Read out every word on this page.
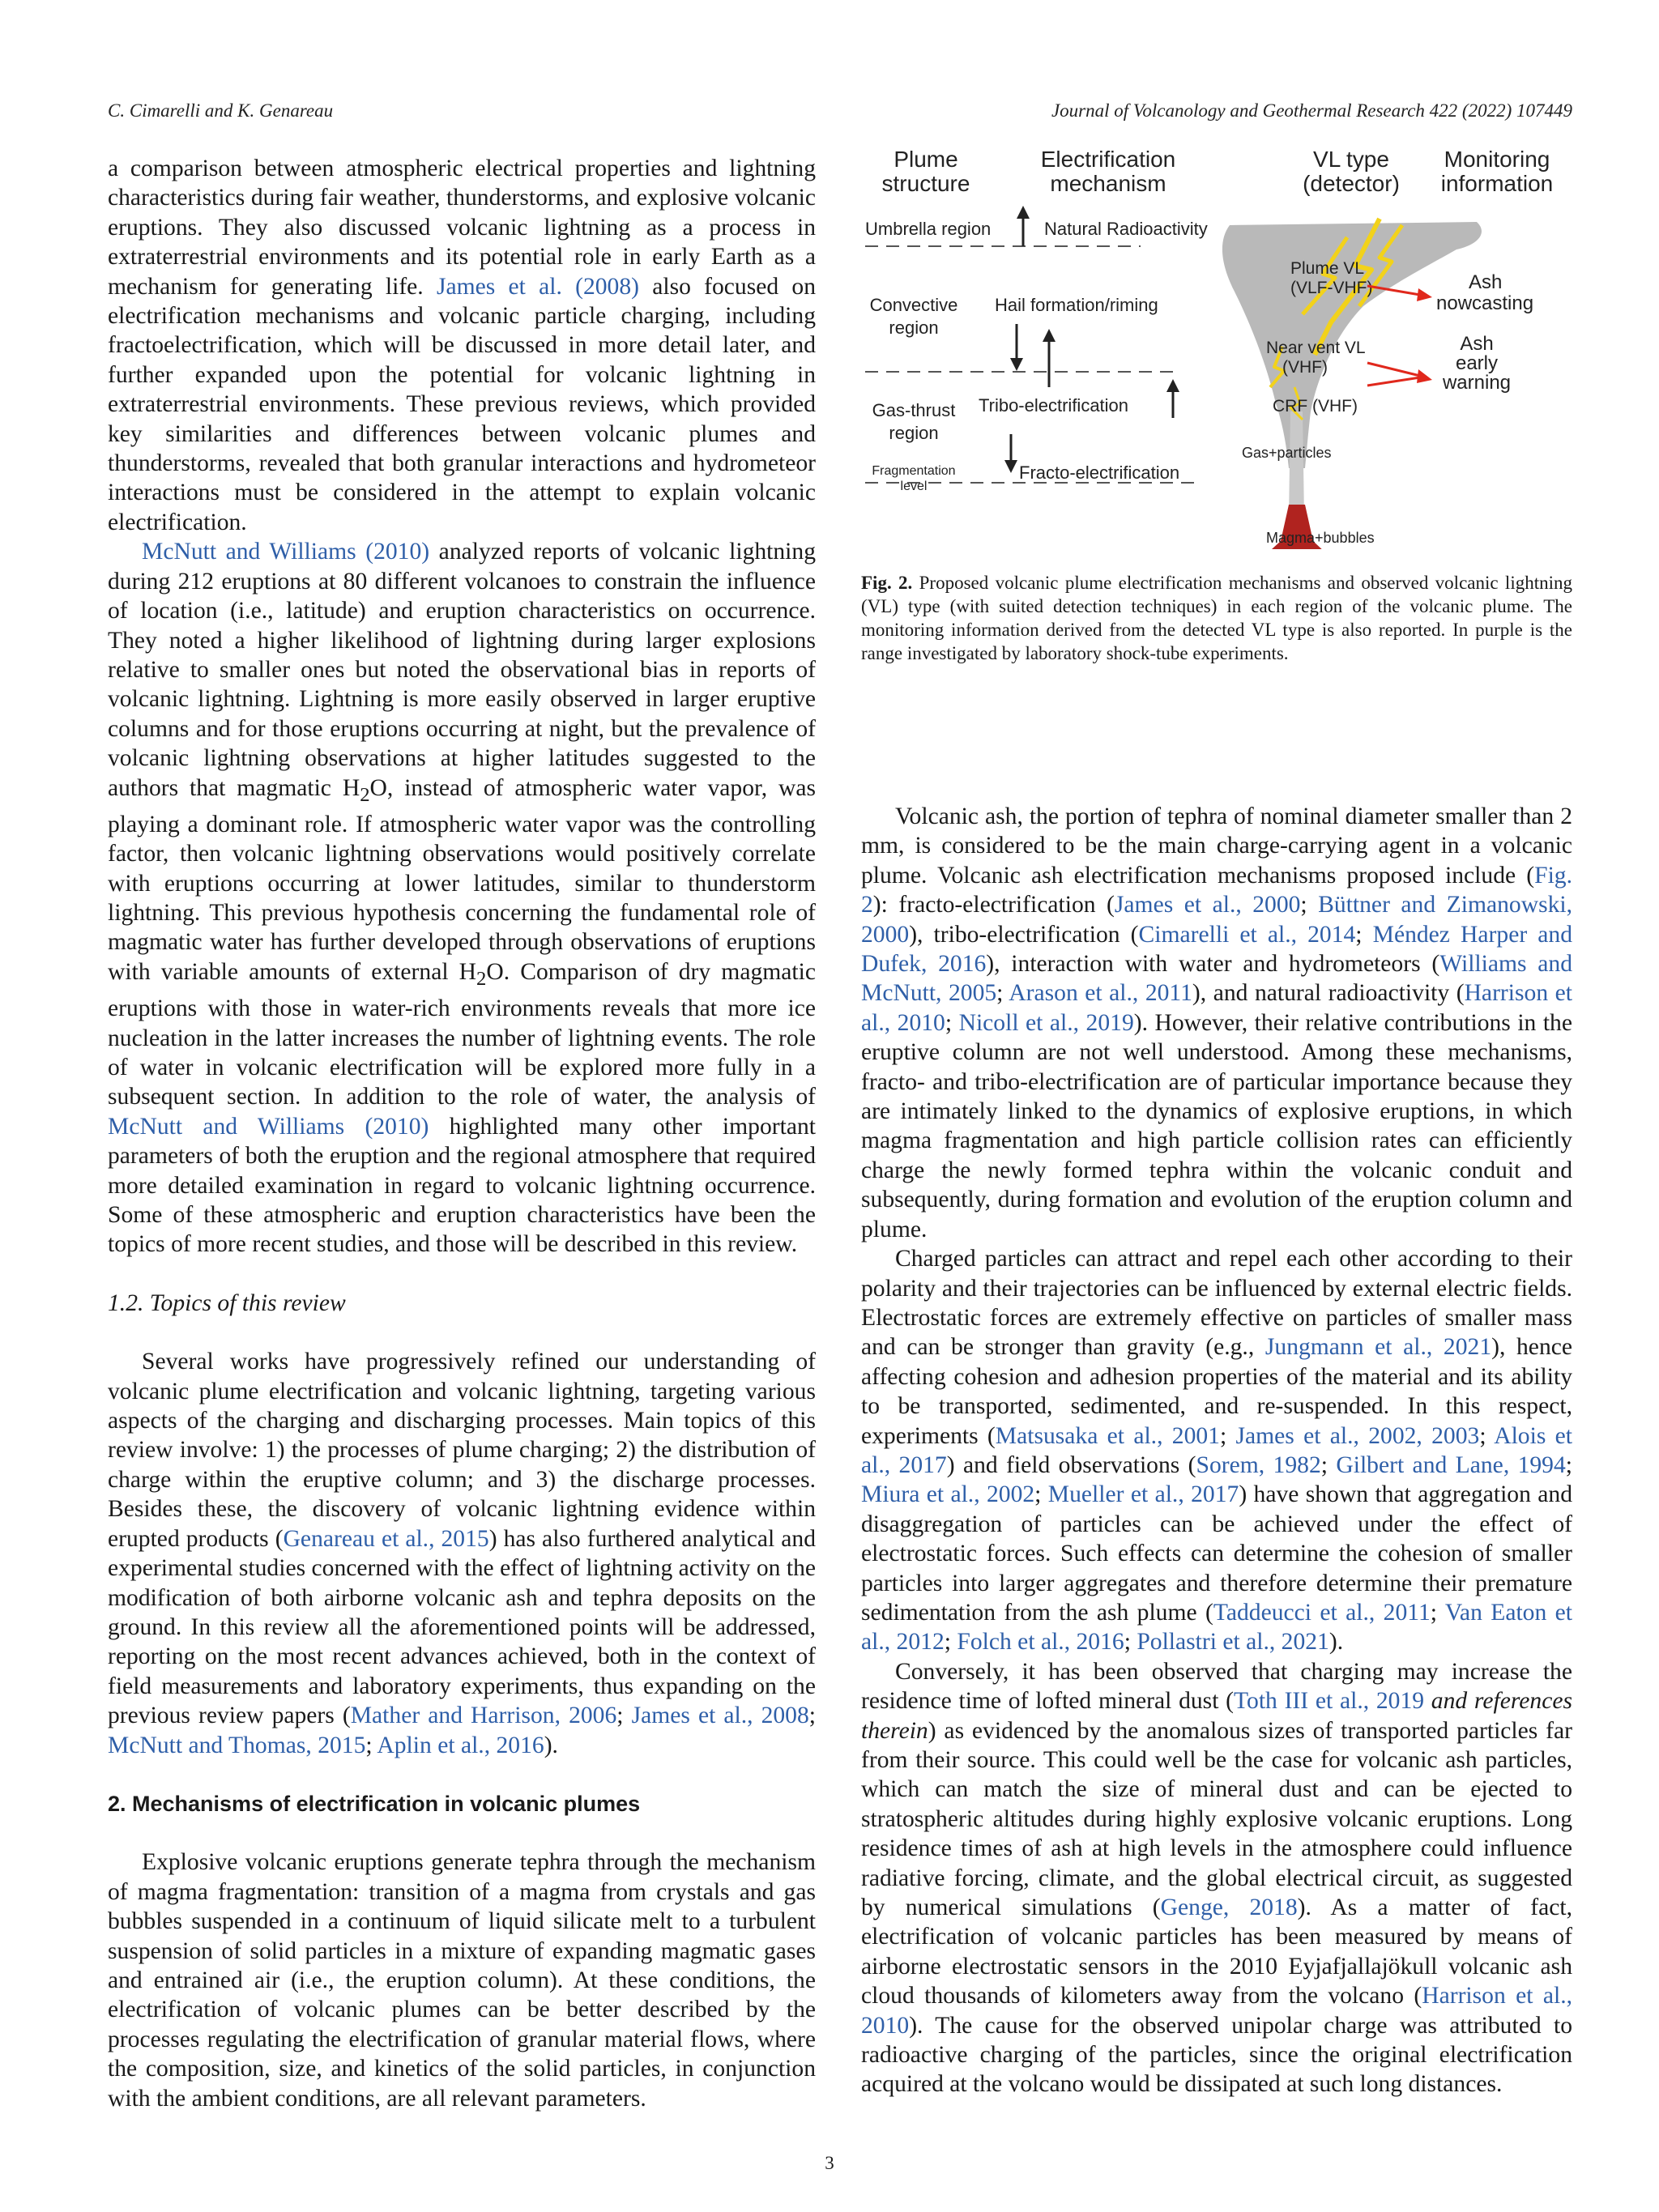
C. Cimarelli and K. Genareau	Journal of Volcanology and Geothermal Research 422 (2022) 107449

a comparison between atmospheric electrical properties and lightning characteristics during fair weather, thunderstorms, and explosive volcanic eruptions. They also discussed volcanic lightning as a process in extraterrestrial environments and its potential role in early Earth as a mechanism for generating life. James et al. (2008) also focused on electrification mechanisms and volcanic particle charging, including fractoelectrification, which will be discussed in more detail later, and further expanded upon the potential for volcanic lightning in extraterrestrial environments. These previous reviews, which provided key similarities and differences between volcanic plumes and thunderstorms, revealed that both granular interactions and hydrometeor interactions must be considered in the attempt to explain volcanic electrification.

McNutt and Williams (2010) analyzed reports of volcanic lightning during 212 eruptions at 80 different volcanoes to constrain the influence of location (i.e., latitude) and eruption characteristics on occurrence. They noted a higher likelihood of lightning during larger explosions relative to smaller ones but noted the observational bias in reports of volcanic lightning. Lightning is more easily observed in larger eruptive columns and for those eruptions occurring at night, but the prevalence of volcanic lightning observations at higher latitudes suggested to the authors that magmatic $H_2O$, instead of atmospheric water vapor, was playing a dominant role. If atmospheric water vapor was the controlling factor, then volcanic lightning observations would positively correlate with eruptions occurring at lower latitudes, similar to thunderstorm lightning. This previous hypothesis concerning the fundamental role of magmatic water has further developed through observations of eruptions with variable amounts of external $H_2O$. Comparison of dry magmatic eruptions with those in water-rich environments reveals that more ice nucleation in the latter increases the number of lightning events. The role of water in volcanic electrification will be explored more fully in a subsequent section. In addition to the role of water, the analysis of McNutt and Williams (2010) highlighted many other important parameters of both the eruption and the regional atmosphere that required more detailed examination in regard to volcanic lightning occurrence. Some of these atmospheric and eruption characteristics have been the topics of more recent studies, and those will be described in this review.

1.2. Topics of this review

Several works have progressively refined our understanding of volcanic plume electrification and volcanic lightning, targeting various aspects of the charging and discharging processes. Main topics of this review involve: 1) the processes of plume charging; 2) the distribution of charge within the eruptive column; and 3) the discharge processes. Besides these, the discovery of volcanic lightning evidence within erupted products (Genareau et al., 2015) has also furthered analytical and experimental studies concerned with the effect of lightning activity on the modification of both airborne volcanic ash and tephra deposits on the ground. In this review all the aforementioned points will be addressed, reporting on the most recent advances achieved, both in the context of field measurements and laboratory experiments, thus expanding on the previous review papers (Mather and Harrison, 2006; James et al., 2008; McNutt and Thomas, 2015; Aplin et al., 2016).

2. Mechanisms of electrification in volcanic plumes

Explosive volcanic eruptions generate tephra through the mechanism of magma fragmentation: transition of a magma from crystals and gas bubbles suspended in a continuum of liquid silicate melt to a turbulent suspension of solid particles in a mixture of expanding magmatic gases and entrained air (i.e., the eruption column). At these conditions, the electrification of volcanic plumes can be better described by the processes regulating the electrification of granular material flows, where the composition, size, and kinetics of the solid particles, in conjunction with the ambient conditions, are all relevant parameters.

Plume
structure
Electrification
mechanism
VL type
(detector)
Monitoring
information
Umbrella region
Convective
region
Gas-thrust
region
Fragmentation
level
Natural Radioactivity
Hail formation/riming
Tribo-electrification
Fracto-electrification
Plume VL
(VLF-VHF)
Near vent VL
(VHF)
CRF (VHF)
Gas+particles
Magma+bubbles
Ash
nowcasting
Ash
early
warning
Fig. 2. Proposed volcanic plume electrification mechanisms and observed volcanic lightning (VL) type (with suited detection techniques) in each region of the volcanic plume. The monitoring information derived from the detected VL type is also reported. In purple is the range investigated by laboratory shock-tube experiments.

Volcanic ash, the portion of tephra of nominal diameter smaller than 2 mm, is considered to be the main charge-carrying agent in a volcanic plume. Volcanic ash electrification mechanisms proposed include (Fig. 2): fracto-electrification (James et al., 2000; Büttner and Zimanowski, 2000), tribo-electrification (Cimarelli et al., 2014; Méndez Harper and Dufek, 2016), interaction with water and hydrometeors (Williams and McNutt, 2005; Arason et al., 2011), and natural radioactivity (Harrison et al., 2010; Nicoll et al., 2019). However, their relative contributions in the eruptive column are not well understood. Among these mechanisms, fracto- and tribo-electrification are of particular importance because they are intimately linked to the dynamics of explosive eruptions, in which magma fragmentation and high particle collision rates can efficiently charge the newly formed tephra within the volcanic conduit and subsequently, during formation and evolution of the eruption column and plume.

Charged particles can attract and repel each other according to their polarity and their trajectories can be influenced by external electric fields. Electrostatic forces are extremely effective on particles of smaller mass and can be stronger than gravity (e.g., Jungmann et al., 2021), hence affecting cohesion and adhesion properties of the material and its ability to be transported, sedimented, and re-suspended. In this respect, experiments (Matsusaka et al., 2001; James et al., 2002, 2003; Alois et al., 2017) and field observations (Sorem, 1982; Gilbert and Lane, 1994; Miura et al., 2002; Mueller et al., 2017) have shown that aggregation and disaggregation of particles can be achieved under the effect of electrostatic forces. Such effects can determine the cohesion of smaller particles into larger aggregates and therefore determine their premature sedimentation from the ash plume (Taddeucci et al., 2011; Van Eaton et al., 2012; Folch et al., 2016; Pollastri et al., 2021).

Conversely, it has been observed that charging may increase the residence time of lofted mineral dust (Toth III et al., 2019 and references therein) as evidenced by the anomalous sizes of transported particles far from their source. This could well be the case for volcanic ash particles, which can match the size of mineral dust and can be ejected to stratospheric altitudes during highly explosive volcanic eruptions. Long residence times of ash at high levels in the atmosphere could influence radiative forcing, climate, and the global electrical circuit, as suggested by numerical simulations (Genge, 2018). As a matter of fact, electrification of volcanic particles has been measured by means of airborne electrostatic sensors in the 2010 Eyjafjallajökull volcanic ash cloud thousands of kilometers away from the volcano (Harrison et al., 2010). The cause for the observed unipolar charge was attributed to radioactive charging of the particles, since the original electrification acquired at the volcano would be dissipated at such long distances.

3
